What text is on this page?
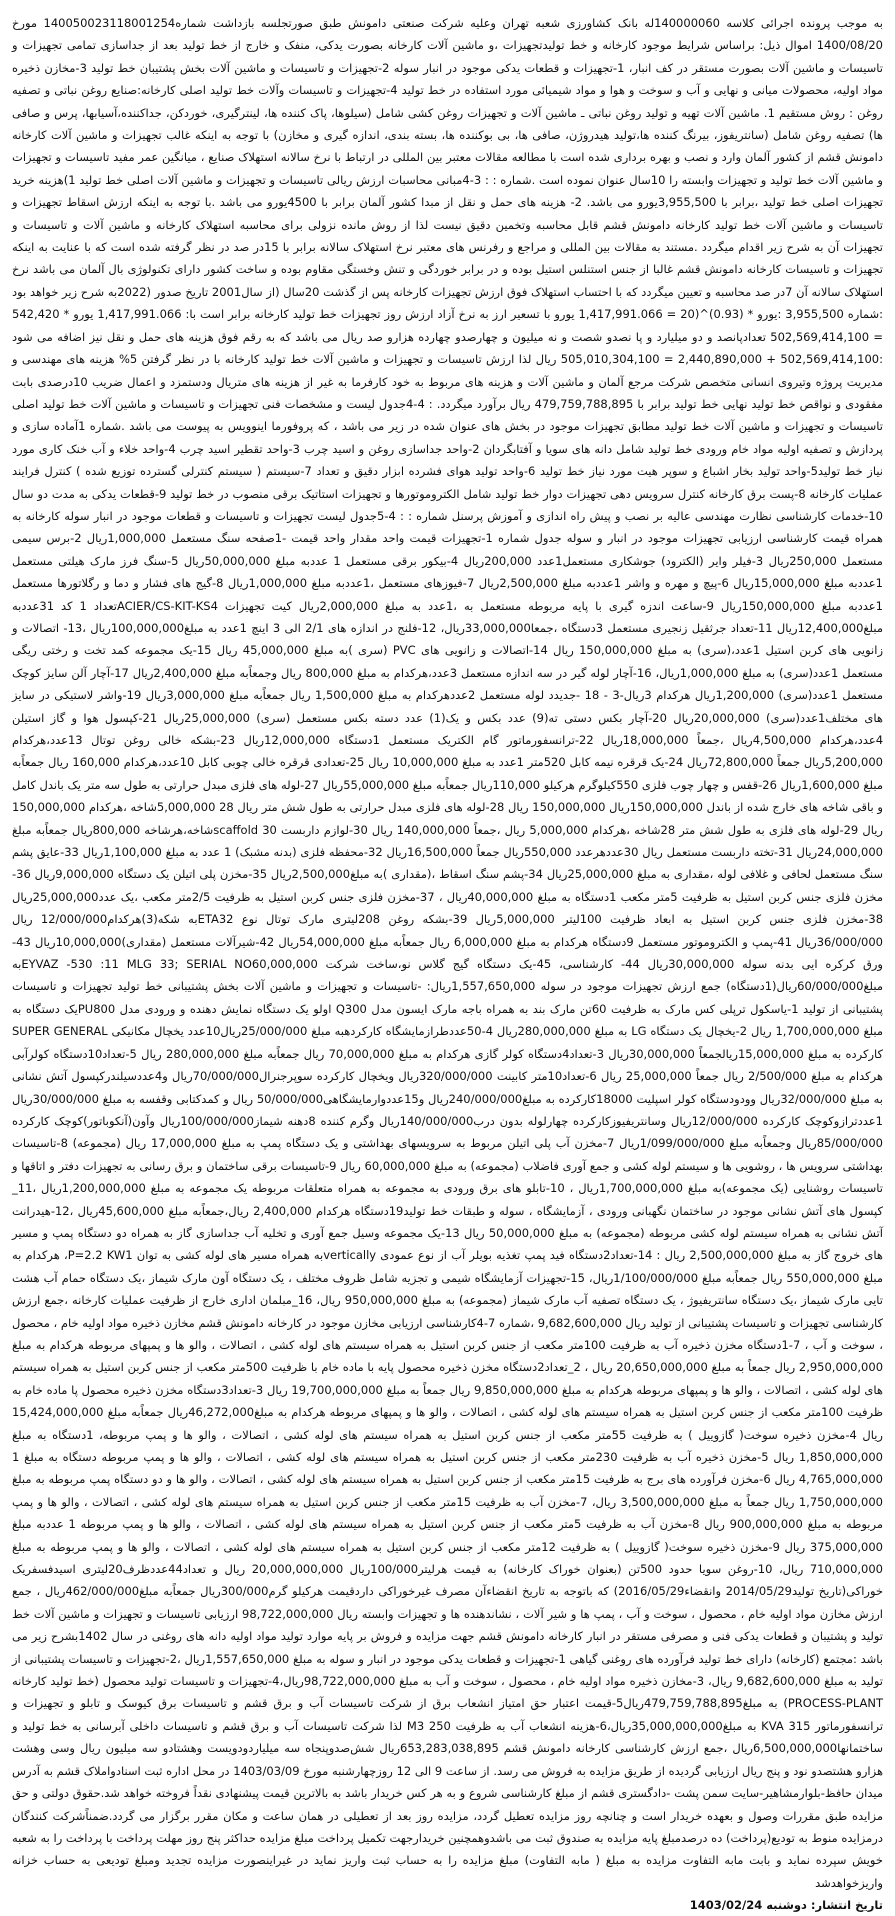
به موجب پرونده اجرائی کلاسه 140000060له بانک کشاورزی شعبه تهران وعلیه شرکت صنعتی دامونش طبق صورتجلسه بازداشت شماره14005002311800125‌4 مورخ 1400/08/20 اموال ذیل: براساس شرایط موجود کارخانه و خط تولیدتجهیزات ،و ماشین آلات کارخانه بصورت یدکی، منفک و خارج از خط تولید بعد از جداسازی تمامی تجهیزات و تاسیسات و ماشین آلات بصورت مستقر در کف انبار، 1-تجهیزات و قطعات یدکی موجود در انبار سوله 2-تجهیزات و تاسیسات و ماشین آلات بخش پشتیبان خط تولید 3-مخازن ذخیره مواد اولیه، محصولات میانی و نهایی و آب و سوخت و هوا و مواد شیمیائی مورد استفاده در خط تولید 4-تجهیزات و تاسیسات وآلات خط تولید اصلی کارخانه:صنایع روغن نباتی و تصفیه روغن : روش مستقیم 1. ماشین آلات تهیه و تولید روغن نباتی ـ ماشین آلات و تجهیزات روغن کشی شامل (سیلوها، پاک کننده ها، لینترگیری، خوردکن، جداکننده،آسیابها، پرس و صافی ها) تصفیه روغن شامل (سانتریفوز، بیرنگ کننده ها،تولید هیدروژن، صافی ها، بی بوکننده ها، بسته بندی، اندازه گیری و مخازن) با توجه به اینکه غالب تجهیزات و ماشین آلات کارخانه دامونش قشم از کشور آلمان وارد و نصب و بهره برداری شده است با مطالعه مقالات معتبر بین المللی در ارتباط با نرخ سالانه استهلاک صنایع ، میانگین عمر مفید تاسیسات و تجهیزات و ماشین آلات خط تولید و تجهیزات وابسته را 10سال عنوان نموده است .شماره : : 3-4مبانی محاسبات ارزش ریالی تاسیسات و تجهیزات و ماشین آلات اصلی خط تولید 1)هزینه خرید تجهیزات اصلی خط تولید ،برابر با 3,955,500یورو می باشد. 2- هزینه های حمل و نقل از مبدا کشور آلمان برابر با 4500یورو می باشد .با توجه به اینکه ارزش اسقاط تجهیزات و تاسیسات و ماشین آلات خط تولید کارخانه دامونش قشم قابل محاسبه وتخمین دقیق نیست لذا از روش مانده نزولی برای محاسبه استهلاک کارخانه و ماشین آلات و تاسیسات و تجهیزات آن به شرح زیر اقدام میگردد .مستند به مقالات بین المللی و مراجع و رفرنس های معتبر نرخ استهلاک سالانه برابر با 15در صد در نظر گرفته شده است که با عنایت به اینکه تجهیزات و تاسیسات کارخانه دامونش قشم غالبا از جنس استنلس استیل بوده و در برابر خوردگی و تنش وخستگی مقاوم بوده و ساخت کشور دارای تکنولوژی بال آلمان می باشد نرخ استهلاک سالانه آن 7در صد محاسبه و تعیین میگردد که با احتساب استهلاک فوق ارزش تجهیزات کارخانه پس از گذشت 20سال (از سال2001 تاریخ صدور (2022به شرح زیر خواهد بود :شماره 3,955,500 :یورو * (0.93)^(20 = 1,417,991.066 یورو با تسعیر ارز به نرخ آزاد ارزش روز تجهیزات خط تولید کارخانه برابر است با: 1,417,991.066 یورو * 542,420 = 502,569,414,100 تعدادپانصد و دو میلیارد و پا نصدو شصت و نه میلیون و چهارصدو چهارده هزارو صد ریال می باشد که به رقم فوق هزینه های حمل و نقل نیز اضافه می شود :502,569,414,100 + 2,440,890,000 = 505,010,304,100 ریال لذا ارزش تاسیسات و تجهیزات و ماشین آلات خط تولید کارخانه با در نظر گرفتن 5% هزینه های مهندسی و مدیریت پروژه وتیروی انسانی متخصص شرکت مرجع آلمان و ماشین آلات و هزینه های مربوط به خود کارفرما به غیر از هزینه های متریال ودستمزد و اعمال ضریب 10درصدی بابت مفقودی و نواقص خط تولید نهایی خط تولید برابر با 479,759,788,895 ریال برآورد میگردد. : 4-4جدول لیست و مشخصات فنی تجهیزات و تاسیسات و ماشین آلات خط تولید اصلی تاسیسات و تجهیزات و ماشین آلات خط تولید مطابق تجهیزات موجود در بخش های عنوان شده در زیر می باشد ، که پروفورما اینوویس به پیوست می باشد .شماره 1آماده سازی و پردازش و تصفیه اولیه مواد خام ورودی خط تولید شامل دانه های سویا و آفتابگردان 2-واحد جداسازی روغن و اسید چرب 3-واحد تقطیر اسید چرب 4-واحد خلاء و آب خنک کاری مورد نیاز خط تولید5-واحد تولید بخار اشباع و سوپر هیت مورد نیاز خط تولید 6-واحد تولید هوای فشرده ابزار دقیق و تعداد 7-سیستم ( سیستم کنترلی گسترده توزیع شده ) کنترل فرایند عملیات کارخانه 8-پست برق کارخانه کنترل سرویس دهی تجهیزات دوار خط تولید شامل الکتروموتورها و تجهیزات استاتیک برقی منصوب در خط تولید 9-قطعات یدکی به مدت دو سال 10-خدمات کارشناسی نظارت مهندسی عالیه بر نصب و پیش راه اندازی و آموزش پرسنل شماره : : 4-5جدول لیست تجهیزات و تاسیسات و قطعات موجود در انبار سوله کارخانه به همراه قیمت کارشناسی ارزیابی تجهیزات موجود در انبار و سوله جدول شماره 1-تجهیزات قیمت واحد مقدار واحد قیمت -1صفحه سنگ مستعمل 1,000,000ریال 2-برس سیمی مستعمل 250,000ریال 3-فیلر وایر (الکترود) جوشکاری مستعمل1عدد 200,000ریال 4-بیکور برقی مستعمل 1 عددبه مبلغ 50,000,000ریال 5-سنگ فرز مارک هیلتی مستعمل 1عددبه مبلغ 15,000,000ریال 6-پیچ و مهره و واشر 1عددبه مبلغ 2,500,000ریال 7-فیوزهای مستعمل ،1عددبه مبلغ 1,000,000ریال 8-گیج های فشار و دما و رگلاتورها مستعمل 1عددبه مبلغ 150,000,000ریال 9-ساعت اندزه گیری با پایه مربوطه مستعمل به ،1عدد به مبلغ 2,000,000ریال کیت تجهیزات ACIER/CS-KIT-KS4تعداد 1 کد 31عددبه مبلغ12,400,000ریال 11-تعداد جرثقیل زنجیری مستعمل 3دستگاه ،جمعا33,000,000ریال، 12-فلنج در اندازه های 2/1 الی 3 اینچ 1عدد به مبلغ100,000,000ریال ،13- اتصالات و زانویی های کربن استیل 1عدد،(سری) به مبلغ 150,000,000 ریال 14-اتصالات و زانویی های PVC (سری )به مبلغ 45,000,000 ریال 15-یک مجموعه کمد تخت و رختی ریگی مستعمل 1عدد(سری) به مبلغ 1,000,000ریال، 16-آچار لوله گیر در سه اندازه مستعمل 3عدد،هرکدام به مبلغ 800,000 ریال وجمعاًبه مبلغ 2,400,000ریال 17-آچار آلن سایز کوچک مستعمل 1عدد(سری) 1,200,000ریال هرکدام 3ریال-3 - 18 -جدیدد لوله مستعمل 2عددهرکدام به مبلغ 1,500,000 ریال جمعاًبه مبلغ 3,000,000ریال 19-واشر لاستیکی در سایز های مختلف1عدد(سری) 20,000,000ریال 20-آچار بکس دستی ته(9) عدد بکس و یک(1) عدد دسته بکس مستعمل (سری) 25,000,000ریال 21-کپسول هوا و گاز استیلن 4عدد،هرکدام 4,500,000ریال ،جمعاً 18,000,000ریال 22-ترانسفورماتور گام الکتریک مستعمل 1دستگاه 12,000,000ریال 23-بشکه خالی روغن توتال 13عدد،هرکدام 5,200,000ریال جمعاً 72,800,000ریال 24-یک قرقره نیمه کابل 520متر 1عدد به مبلغ 10,000,000 ریال 25-تعدادی قرقره خالی چوبی کابل 10عدد،هرکدام 160,000 ریال جمعاًبه مبلغ 1,600,000ریال 26-قفس و چهار چوب فلزی 550کیلوگرم هرکیلو 110,000ریال جمعاًبه مبلغ 55,000,000ریال 27-لوله های فلزی مبدل حرارتی به طول سه متر یک باندل کامل و باقی شاخه های خارج شده از باندل 150,000,000ریال 150,000,000 ریال 28-لوله های فلزی مبدل حرارتی به طول شش متر ریال 28 5,000,000شاخه ،هرکدام 150,000,000 ریال 29-لوله های فلزی به طول شش متر 28شاخه ،هرکدام 5,000,000 ریال ،جمعاً 140,000,000 ریال 30-لوازم داربست scaffold 30شاخه،هرشاخه 800,000ریال جمعاًبه مبلغ 24,000,000ریال 31-تخته داربست مستعمل ریال 30عددهرعدد 550,000ریال جمعاً 16,500,000ریال 32-محفظه فلزی (بدنه مشبک) 1 عدد به مبلغ 1,100,000ریال 33-عایق پشم سنگ مستعمل لحافی و غلافی لوله ،مقداری به مبلغ 25,000,000ریال 34-پشم سنگ اسقاط ،(مقداری )به مبلغ2,500,000ریال 35-مخزن پلی اتیلن یک دستگاه 9,000,000ریال 36-مخزن فلزی جنس کربن استیل به ظرفیت 5متر مکعب 1دستگاه به مبلغ 40,000,000ریال ، 37-مخزن فلزی جنس کربن استیل به ظرفیت 2/5متر مکعب ،یک عدد25,000,000ریال 38-مخزن فلزی جنس کربن استیل به ابعاد ظرفیت 100لیتر 5,000,000ریال 39-بشکه روغن 208لیتری مارک توتال نوع ETA32به شکه(3)هرکدام12/000/000 ریال 36/000/000ریال 41-پمپ و الکتروموتور مستعمل 9دستگاه هرکدام به مبلغ 6,000,000 ریال جمعاًبه مبلغ 54,000,000ریال 42-شیرآلات مستعمل (مقداری)10,000,000ریال 43-ورق کرکره ایی بدنه سوله 30,000,000ریال 44- کارشناسی، 45-یک دستگاه گیج گلاس نو،ساخت شرکت EYVAZ -530 :11 MLG 33; SERIAL NO60,000,000به مبلغ60/000/000ریال(1دستگاه) جمع ارزش تجهیزات موجود در سوله 1,557,650,000ریال: -تاسیسات و تجهیزات و ماشین آلات بخش پشتیبانی خط تولید تجهیزات و تاسیسات پشتیبانی از تولید 1-یاسکول ترپلی کس مارک به ظرفیت 60تن مارک بند به همراه باجه مارک ایسون مدل Q300 اولو یک دستگاه نمایش دهنده و ورودی مدل PU800یک دستگاه به مبلغ 1,700,000,000 ریال 2-یخچال یک دستگاه LG به مبلغ 280,000,000ریال 4-50عددطرازمایشگاه کارکردهبه مبلغ 25/000/000ریال10عدد یخچال مکانیکی SUPER GENERAL کارکرده به مبلغ 15,000,000ریالجمعاً 30,000,000ریال 3-تعداد4دستگاه کولر گازی هرکدام به مبلغ 70,000,000 ریال جمعاًبه مبلغ 280,000,000 ریال 5-تعداد10دستگاه کولرآبی هرکدام به مبلغ 2/500/000 ریال جمعاً 25,000,000 ریال 6-تعداد10متر کابینت 320/000/000ریال ویخچال کارکرده سوپرجنرال70/000/000ریال و4عددسیلندرکپسول آتش نشانی به مبلغ 32/000/000ریال وودودستگاه کولر اسپلیت 18000کارکرده به مبلغ240/000/000ریال و15عددوارمایشگاهی50/000/000 ریال و کمدکتابی وقفسه به مبلغ 30/000/000ریال 1عددترازوکوچک کارکرده 12/000/000ریال وسانتریفیوزکارکرده چهارلوله بدون درب140/000/000ریال وگرم کننده 8دهنه شیماز100/000/000ریال وآون(آنکوباتور)کوچک کارکرده 85/000/000ریال وجمعاًبه مبلغ 1/099/000/000ریال 7-مخزن آب پلی اتیلن مربوط به سرویسهای بهداشتی و یک دستگاه پمپ به مبلغ 17,000,000 ریال (مجموعه) 8-تاسیسات بهداشتی سرویس ها ، روشویی ها و سیستم لوله کشی و جمع آوری فاضلاب (مجموعه) به مبلغ 60,000,000 ریال 9-تاسیسات برقی ساختمان و برق رسانی به تجهیزات دفتر و اتاقها و تاسیسات روشنایی (یک مجموعه)به مبلغ 1,700,000,000ریال ، 10-تابلو های برق ورودی به مجموعه به همراه متعلقات مربوطه یک مجموعه به مبلغ 1,200,000,000ریال ،11_ کپسول های آتش نشانی موجود در ساختمان نگهبانی ورودی ، آزمایشگاه ، سوله و طبقات خط تولید19دستگاه هرکدام 2,400,000 ریال،جمعاًبه مبلغ 45,600,000ریال ،12-هیدرانت آتش نشانی به همراه سیستم لوله کشی مربوطه (مجموعه) به مبلغ 50,000,000 ریال 13-یک مجموعه وسیل جمع آوری و تخلیه آب جداسازی گاز به همراه دو دستگاه پمپ و مسیر های خروج گاز به مبلغ 2,500,000,000 ریال : 14-تعداد2دستگاه فید پمپ تغذیه بویلر آب از نوع عمودی verticallyبه همراه مسیر های لوله کشی به توان P=2.2 KW1، هرکدام به مبلغ 550,000,000 ریال جمعاًبه مبلغ 1/100/000/000ریال، 15-تجهیزات آزمایشگاه شیمی و تجزیه شامل ظروف مختلف ، یک دستگاه آون مارک شیماز ،یک دستگاه حمام آب هشت تایی مارک شیماز ،یک دستگاه سانتریفیوژ ، یک دستگاه تصفیه آب مارک شیماز (مجموعه) به مبلغ 950,000,000 ریال، 16_مبلمان اداری خارج از ظرفیت عملیات کارخانه ،جمع ارزش کارشناسی تجهیزات و تاسیسات پشتیبانی از تولید ریال 9,682,600,000 ،شماره 7-4کارشناسی ارزیابی مخازن موجود در کارخانه دامونش قشم مخازن ذخیره مواد اولیه خام ، محصول ، سوخت و آب ، 7-1دستگاه مخزن ذخیره آب به ظرفیت 100متر مکعب از جنس کربن استیل به همراه سیستم های لوله کشی ، اتصالات ، والو ها و پمپهای مربوطه هرکدام به مبلغ 2,950,000,000 ریال جمعاً به مبلغ 20,650,000,000 ریال ، 2_تعداد2دستگاه مخزن ذخیره محصول پایه با ماده خام با ظرفیت 500متر مکعب از جنس کربن استیل به همراه سیستم های لوله کشی ، اتصالات ، والو ها و پمپهای مربوطه هرکدام به مبلغ 9,850,000,000 ریال جمعاً به مبلغ 19,700,000,000 ریال 3-تعداد3دستگاه مخزن ذخیره محصول پا ماده خام به ظرفیت 100متر مکعب از جنس کربن استیل به همراه سیستم های لوله کشی ، اتصالات ، والو ها و پمپهای مربوطه هرکدام به مبلغ46,272,000ریال جمعاًبه مبلغ 15,424,000,000 ریال 4-مخزن ذخیره سوخت( گازوییل ) به ظرفیت 55متر مکعب از جنس کربن استیل به همراه سیستم های لوله کشی ، اتصالات ، والو ها و پمپ مربوطه، 1دستگاه به مبلغ 1,850,000,000 ریال 5-مخزن ذخیره آب به ظرفیت 230متر مکعب از جنس کربن استیل به همراه سیستم های لوله کشی ، اتصالات ، والو ها و پمپ مربوطه دستگاه به مبلغ 1 4,765,000,000 ریال 6-مخزن فرآورده های برج به ظرفیت 15متر مکعب از جنس کربن استیل به همراه سیستم های لوله کشی ، اتصالات ، والو ها و دو دستگاه پمپ مربوطه به مبلغ 1,750,000,000 ریال جمعاً به مبلغ 3,500,000,000 ریال، 7-مخزن آب به ظرفیت 15متر مکعب از جنس کربن استیل به همراه سیستم های لوله کشی ، اتصالات ، والو ها و پمپ مربوطه به مبلغ 900,000,000 ریال 8-مخزن آب به ظرفیت 5متر مکعب از جنس کربن استیل به همراه سیستم های لوله کشی ، اتصالات ، والو ها و پمپ مربوطه 1 عددبه مبلغ 375,000,000 ریال 9-مخزن ذخیره سوخت( گازوییل ) به ظرفیت 12متر مکعب از جنس کربن استیل به همراه سیستم های لوله کشی ، اتصالات ، والو ها و پمپ مربوطه به مبلغ 710,000,000 ریال، 10-روغن سویا حدود 500تن (بعنوان خوراک کارخانه) به قیمت هرلیتر100/000ریال 20,000,000,000 ریال و تعداد44عددظرف20لیتری اسیدفسفریک خوراکی(تاریخ تولید2014/05/29 وانقضاء2016/05/29) که باتوجه به تاریخ انقضاءآن مصرف غیرخوراکی داردقیمت هرکیلو گرم300/000ریال جمعاًبه مبلغ462/000/000ریال ، جمع ارزش مخازن مواد اولیه خام ، محصول ، سوخت و آب ، پمپ ها و شیر آلات ، نشاندهنده ها و تجهیزات وابسته ریال 98,722,000,000 ارزیابی تاسیسات و تجهیزات و ماشین آلات خط تولید و پشتیبان و قطعات یدکی فنی و مصرفی مستقر در انبار کارخانه دامونش قشم جهت مزایده و فروش بر پایه موارد تولید مواد اولیه دانه های روغنی در سال 1402بشرح زیر می باشد :مجتمع (کارخانه) دارای خط تولید فرآورده های روغنی گیاهی 1-تجهیزات و قطعات یدکی موجود در انبار و سوله به مبلغ 1,557,650,000ریال ،2-تجهیزات و تاسیسات پشتیبانی از تولید به مبلغ 9,682,600,000 ریال، 3-مخازن ذخیره مواد اولیه خام ، محصول ، سوخت و آب به مبلغ 98,722,000,000ریال،4-تجهیزات و تاسیسات تولید محصول (خط تولید کارخانه PROCESS-PLANT) به مبلغ479,759,788,895ریال5-قیمت اعتبار حق امتیاز انشعاب برق از شرکت تاسیسات آب و برق قشم و تاسیسات برق کیوسک و تابلو و تجهیزات و ترانسفورماتور 315 KVA به مبلغ35,000,000,000ریال،6-هزینه انشعاب آب به ظرفیت 250 M3 لذا شرکت تاسیسات آب و برق قشم و تاسیسات داخلی آبرسانی به خط تولید و ساختمانها6,500,000,000ریال ،جمع ارزش کارشناسی کارخانه دامونش قشم 653,283,038,895ریال شش‌صدوپنجاه سه میلیاردودویست وهشتادو سه میلیون ریال وسی وهشت هزارو هشتصدو نود و پنج ریال ارزیابی گردیده از طریق مزایده به فروش می رسد. از ساعت 9 الی 12 روزچهارشنبه مورخ 1403/03/09 در محل اداره ثبت اسنادواملاک قشم به آدرس میدان حافظ-بلوارمشاهیر-سایت سمن پشت -دادگستری قشم از مبلغ کارشناسی شروع و به هر کس خریدار باشد به بالاترین قیمت پیشنهادی نقداً فروخته خواهد شد.حقوق دولتی و حق مزایده طبق مقررات وصول و بعهده خریدار است و چنانچه روز مزایده تعطیل گردد، مزایده روز بعد از تعطیلی در همان ساعت و مکان مقرر برگزار می گردد.ضمناًشرکت کنندگان درمزایده منوط به تودیع(پرداخت) ده درصدمبلغ پایه مزایده به صندوق ثبت می باشدوهمچنین خریدارجهت تکمیل پرداخت مبلغ مزایده حداکثر پنج روز مهلت پرداخت با پرداخت را به شعبه خویش سپرده نماید و بابت مابه التفاوت مزایده به مبلغ ( مابه التفاوت) مبلغ مزایده را به حساب ثبت واریز نماید در غیراینصورت مزایده تجدید ومبلغ تودیعی به حساب خزانه واریزخواهدشد
تاریخ انتشار: دوشنبه 1403/02/24
